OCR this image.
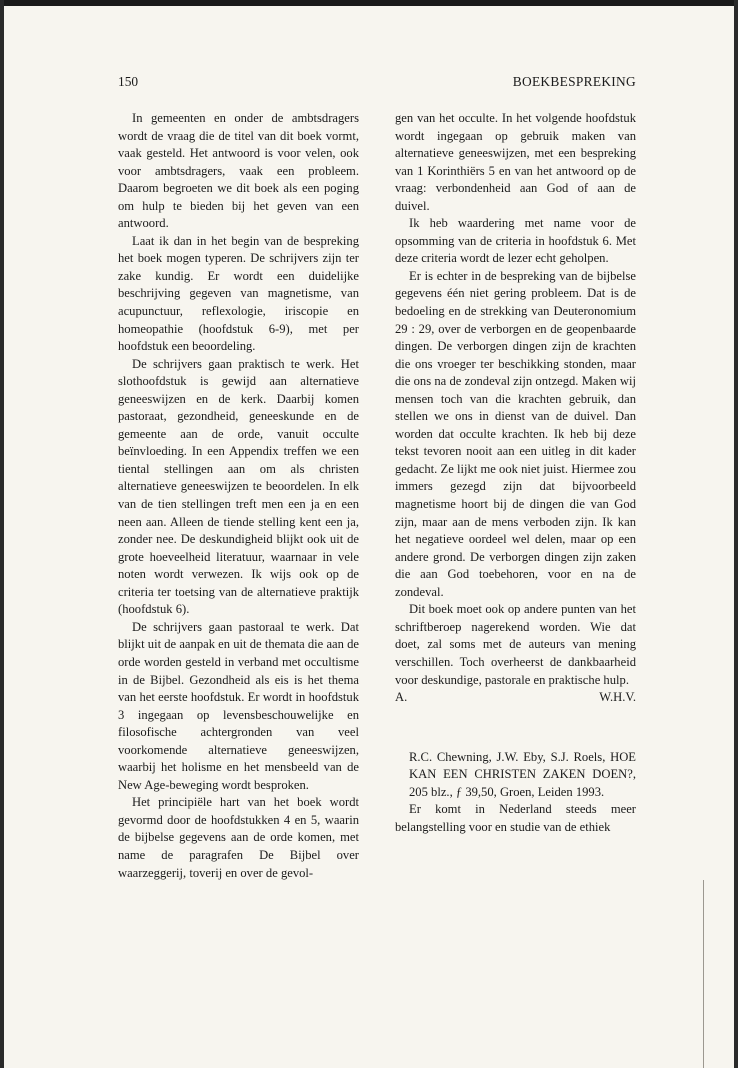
150	BOEKBESPREKING

In gemeenten en onder de ambtsdragers wordt de vraag die de titel van dit boek vormt, vaak gesteld. Het antwoord is voor velen, ook voor ambtsdragers, vaak een probleem. Daarom begroeten we dit boek als een poging om hulp te bieden bij het geven van een antwoord.

Laat ik dan in het begin van de bespreking het boek mogen typeren. De schrijvers zijn ter zake kundig. Er wordt een duidelijke beschrijving gegeven van magnetisme, van acupunctuur, reflexologie, iriscopie en homeopathie (hoofdstuk 6-9), met per hoofdstuk een beoordeling.

De schrijvers gaan praktisch te werk. Het slothoofdstuk is gewijd aan alternatieve geneeswijzen en de kerk. Daarbij komen pastoraat, gezondheid, geneeskunde en de gemeente aan de orde, vanuit occulte beïnvloeding. In een Appendix treffen we een tiental stellingen aan om als christen alternatieve geneeswijzen te beoordelen. In elk van de tien stellingen treft men een ja en een neen aan. Alleen de tiende stelling kent een ja, zonder nee. De deskundigheid blijkt ook uit de grote hoeveelheid literatuur, waarnaar in vele noten wordt verwezen. Ik wijs ook op de criteria ter toetsing van de alternatieve praktijk (hoofdstuk 6).

De schrijvers gaan pastoraal te werk. Dat blijkt uit de aanpak en uit de themata die aan de orde worden gesteld in verband met occultisme in de Bijbel. Gezondheid als eis is het thema van het eerste hoofdstuk. Er wordt in hoofdstuk 3 ingegaan op levensbeschouwelijke en filosofische achtergronden van veel voorkomende alternatieve geneeswijzen, waarbij het holisme en het mensbeeld van de New Age-beweging wordt besproken.

Het principiële hart van het boek wordt gevormd door de hoofdstukken 4 en 5, waarin de bijbelse gegevens aan de orde komen, met name de paragrafen De Bijbel over waarzeggerij, toverij en over de gevol-

gen van het occulte. In het volgende hoofdstuk wordt ingegaan op gebruik maken van alternatieve geneeswijzen, met een bespreking van 1 Korinthiërs 5 en van het antwoord op de vraag: verbondenheid aan God of aan de duivel.

Ik heb waardering met name voor de opsomming van de criteria in hoofdstuk 6. Met deze criteria wordt de lezer echt geholpen.

Er is echter in de bespreking van de bijbelse gegevens één niet gering probleem. Dat is de bedoeling en de strekking van Deuteronomium 29 : 29, over de verborgen en de geopenbaarde dingen. De verborgen dingen zijn de krachten die ons vroeger ter beschikking stonden, maar die ons na de zondeval zijn ontzegd. Maken wij mensen toch van die krachten gebruik, dan stellen we ons in dienst van de duivel. Dan worden dat occulte krachten. Ik heb bij deze tekst tevoren nooit aan een uitleg in dit kader gedacht. Ze lijkt me ook niet juist. Hiermee zou immers gezegd zijn dat bijvoorbeeld magnetisme hoort bij de dingen die van God zijn, maar aan de mens verboden zijn. Ik kan het negatieve oordeel wel delen, maar op een andere grond. De verborgen dingen zijn zaken die aan God toebehoren, voor en na de zondeval.

Dit boek moet ook op andere punten van het schriftberoep nagerekend worden. Wie dat doet, zal soms met de auteurs van mening verschillen. Toch overheerst de dankbaarheid voor deskundige, pastorale en praktische hulp.

A.	W.H.V.

R.C. Chewning, J.W. Eby, S.J. Roels, HOE KAN EEN CHRISTEN ZAKEN DOEN?, 205 blz., ƒ 39,50, Groen, Leiden 1993.

Er komt in Nederland steeds meer belangstelling voor en studie van de ethiek
